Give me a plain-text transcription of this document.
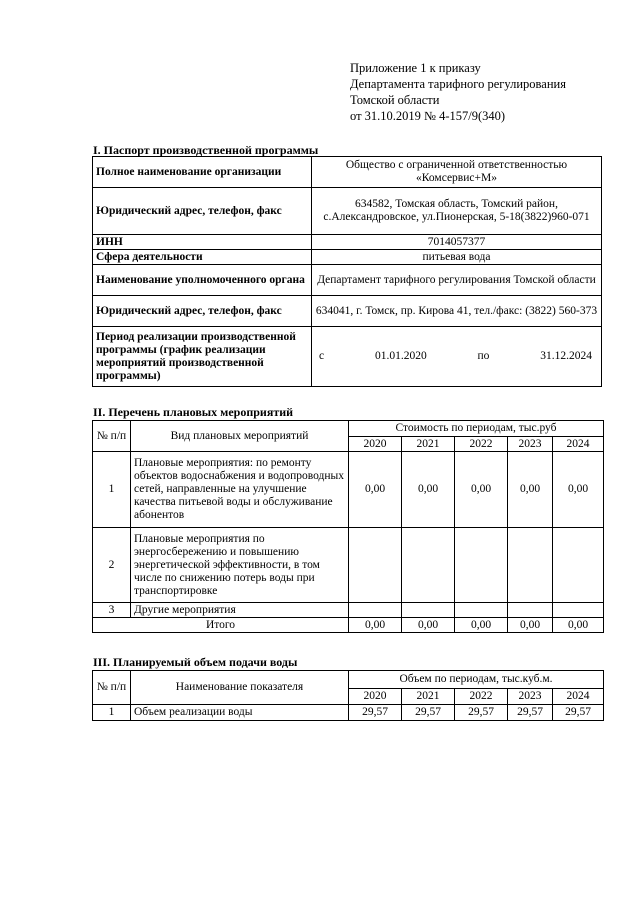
Приложение 1 к приказу
Департамента тарифного регулирования
Томской области
от 31.10.2019 № 4-157/9(340)
I. Паспорт производственной программы
Полное наименование организации	Общество с ограниченной ответственностью «Комсервис+М»
Юридический адрес, телефон, факс	634582, Томская область, Томский район, с.Александровское, ул.Пионерская, 5-18(3822)960-071
ИНН	7014057377
Сфера деятельности	питьевая вода
Наименование уполномоченного органа	Департамент тарифного регулирования Томской области
Юридический адрес, телефон, факс	634041, г. Томск, пр. Кирова 41, тел./факс: (3822) 560-373
Период реализации производственной программы (график реализации мероприятий производственной программы)	с 01.01.2020 по 31.12.2024
II. Перечень плановых мероприятий
№ п/п	Вид плановых мероприятий	Стоимость по периодам, тыс.руб				
		2020	2021	2022	2023	2024
1	Плановые мероприятия: по ремонту объектов водоснабжения и водопроводных сетей, направленные на улучшение качества питьевой воды и обслуживание абонентов	0,00	0,00	0,00	0,00	0,00
2	Плановые мероприятия по энергосбережению и повышению энергетической эффективности, в том числе по снижению потерь воды при транспортировке					
3	Другие мероприятия					
Итого		0,00	0,00	0,00	0,00	0,00
III. Планируемый объем подачи воды
№ п/п	Наименование показателя	Объем по периодам, тыс.куб.м.				
		2020	2021	2022	2023	2024
1	Объем реализации воды	29,57	29,57	29,57	29,57	29,57
